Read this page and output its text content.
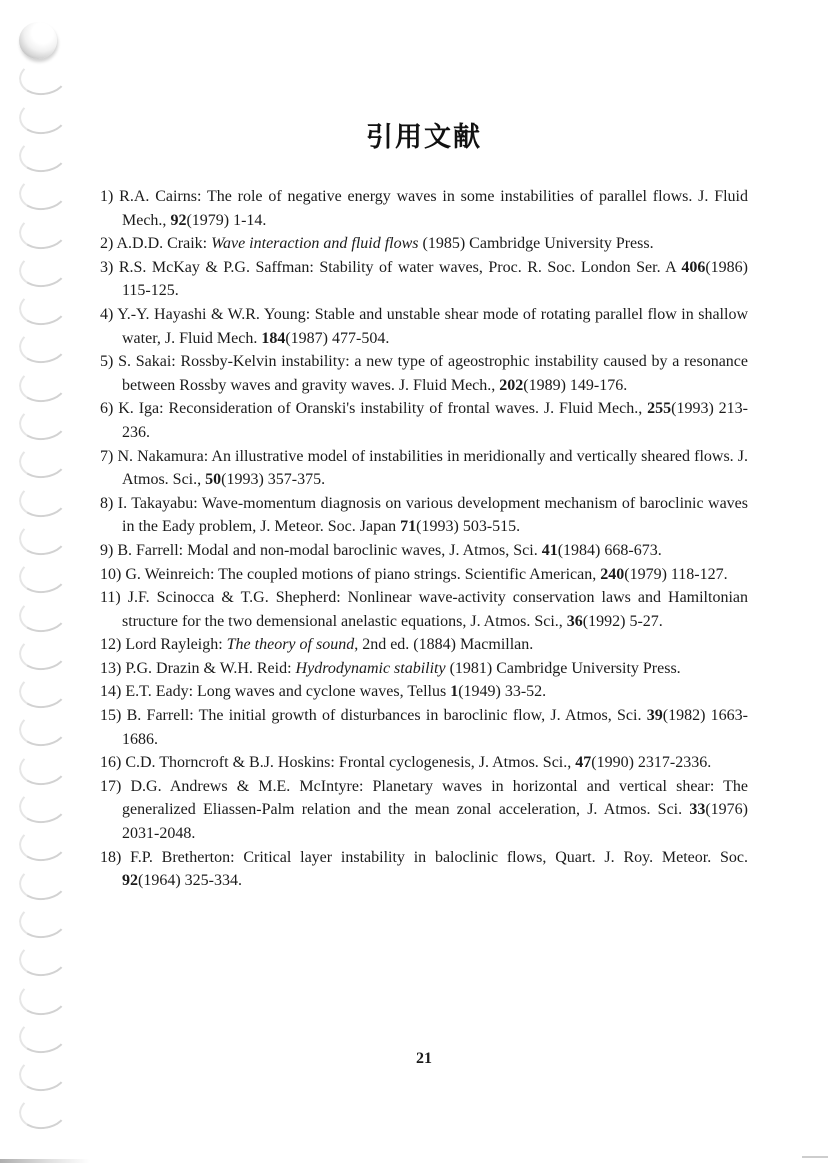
引用文献
1) R.A. Cairns: The role of negative energy waves in some instabilities of parallel flows. J. Fluid Mech., 92(1979) 1-14.
2) A.D.D. Craik: Wave interaction and fluid flows (1985) Cambridge University Press.
3) R.S. McKay & P.G. Saffman: Stability of water waves, Proc. R. Soc. London Ser. A 406(1986) 115-125.
4) Y.-Y. Hayashi & W.R. Young: Stable and unstable shear mode of rotating parallel flow in shallow water, J. Fluid Mech. 184(1987) 477-504.
5) S. Sakai: Rossby-Kelvin instability: a new type of ageostrophic instability caused by a resonance between Rossby waves and gravity waves. J. Fluid Mech., 202(1989) 149-176.
6) K. Iga: Reconsideration of Oranski's instability of frontal waves. J. Fluid Mech., 255(1993) 213-236.
7) N. Nakamura: An illustrative model of instabilities in meridionally and vertically sheared flows. J. Atmos. Sci., 50(1993) 357-375.
8) I. Takayabu: Wave-momentum diagnosis on various development mechanism of baroclinic waves in the Eady problem, J. Meteor. Soc. Japan 71(1993) 503-515.
9) B. Farrell: Modal and non-modal baroclinic waves, J. Atmos, Sci. 41(1984) 668-673.
10) G. Weinreich: The coupled motions of piano strings. Scientific American, 240(1979) 118-127.
11) J.F. Scinocca & T.G. Shepherd: Nonlinear wave-activity conservation laws and Hamiltonian structure for the two demensional anelastic equations, J. Atmos. Sci., 36(1992) 5-27.
12) Lord Rayleigh: The theory of sound, 2nd ed. (1884) Macmillan.
13) P.G. Drazin & W.H. Reid: Hydrodynamic stability (1981) Cambridge University Press.
14) E.T. Eady: Long waves and cyclone waves, Tellus 1(1949) 33-52.
15) B. Farrell: The initial growth of disturbances in baroclinic flow, J. Atmos, Sci. 39(1982) 1663-1686.
16) C.D. Thorncroft & B.J. Hoskins: Frontal cyclogenesis, J. Atmos. Sci., 47(1990) 2317-2336.
17) D.G. Andrews & M.E. McIntyre: Planetary waves in horizontal and vertical shear: The generalized Eliassen-Palm relation and the mean zonal acceleration, J. Atmos. Sci. 33(1976) 2031-2048.
18) F.P. Bretherton: Critical layer instability in baloclinic flows, Quart. J. Roy. Meteor. Soc. 92(1964) 325-334.
21
